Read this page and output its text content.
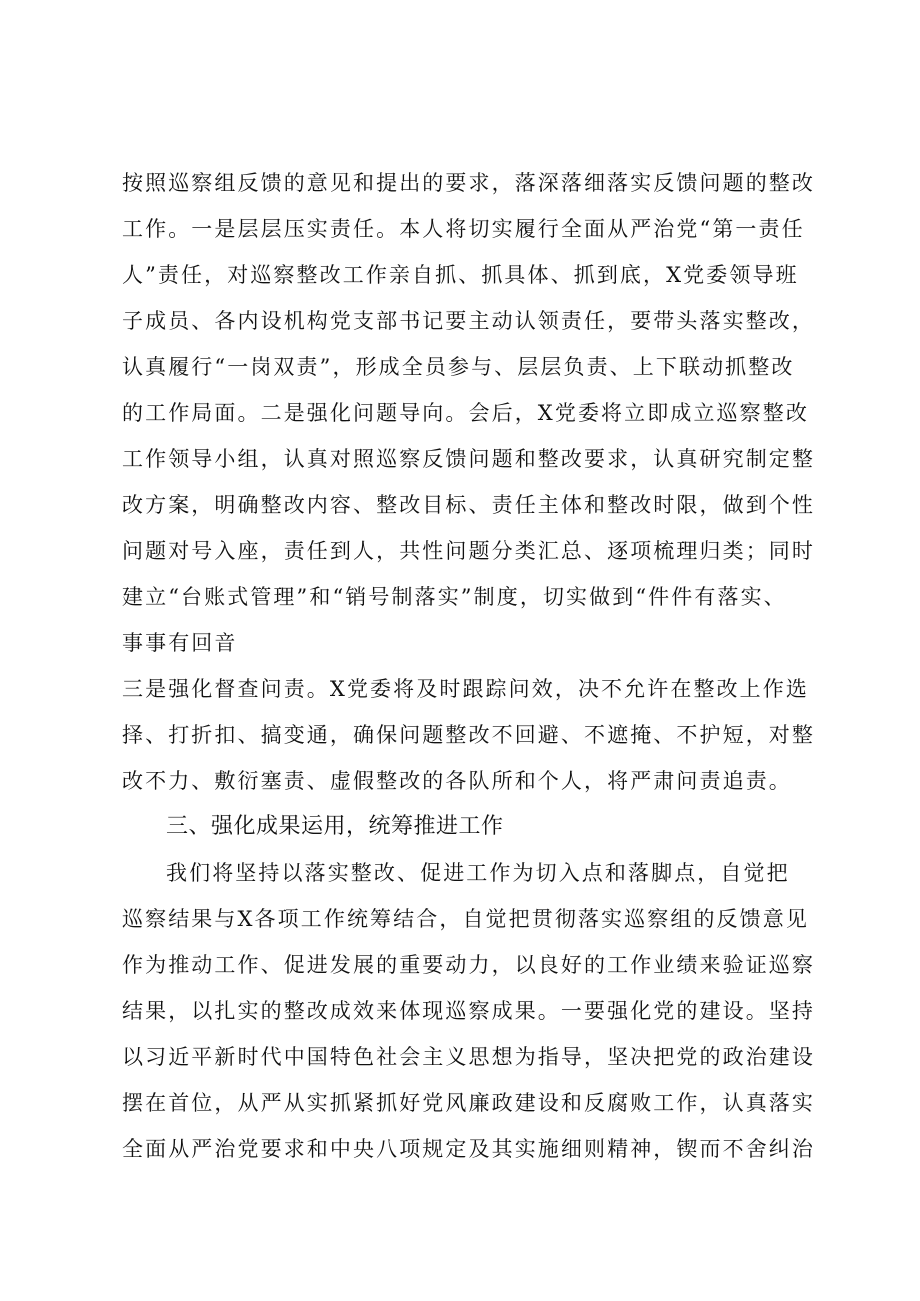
按照巡察组反馈的意见和提出的要求，落深落细落实反馈问题的整改
工作。一是层层压实责任。本人将切实履行全面从严治党“第一责任
人”责任，对巡察整改工作亲自抓、抓具体、抓到底，X党委领导班
子成员、各内设机构党支部书记要主动认领责任，要带头落实整改，
认真履行“一岗双责”，形成全员参与、层层负责、上下联动抓整改
的工作局面。二是强化问题导向。会后，X党委将立即成立巡察整改
工作领导小组，认真对照巡察反馈问题和整改要求，认真研究制定整
改方案，明确整改内容、整改目标、责任主体和整改时限，做到个性
问题对号入座，责任到人，共性问题分类汇总、逐项梳理归类；同时
建立“台账式管理”和“销号制落实”制度，切实做到“件件有落实、
事事有回音
三是强化督查问责。X党委将及时跟踪问效，决不允许在整改上作选
择、打折扣、搞变通，确保问题整改不回避、不遮掩、不护短，对整
改不力、敷衍塞责、虚假整改的各队所和个人，将严肃问责追责。
三、强化成果运用，统筹推进工作
我们将坚持以落实整改、促进工作为切入点和落脚点，自觉把
巡察结果与X各项工作统筹结合，自觉把贯彻落实巡察组的反馈意见
作为推动工作、促进发展的重要动力，以良好的工作业绩来验证巡察
结果，以扎实的整改成效来体现巡察成果。一要强化党的建设。坚持
以习近平新时代中国特色社会主义思想为指导，坚决把党的政治建设
摆在首位，从严从实抓紧抓好党风廉政建设和反腐败工作，认真落实
全面从严治党要求和中央八项规定及其实施细则精神，锲而不舍纠治
